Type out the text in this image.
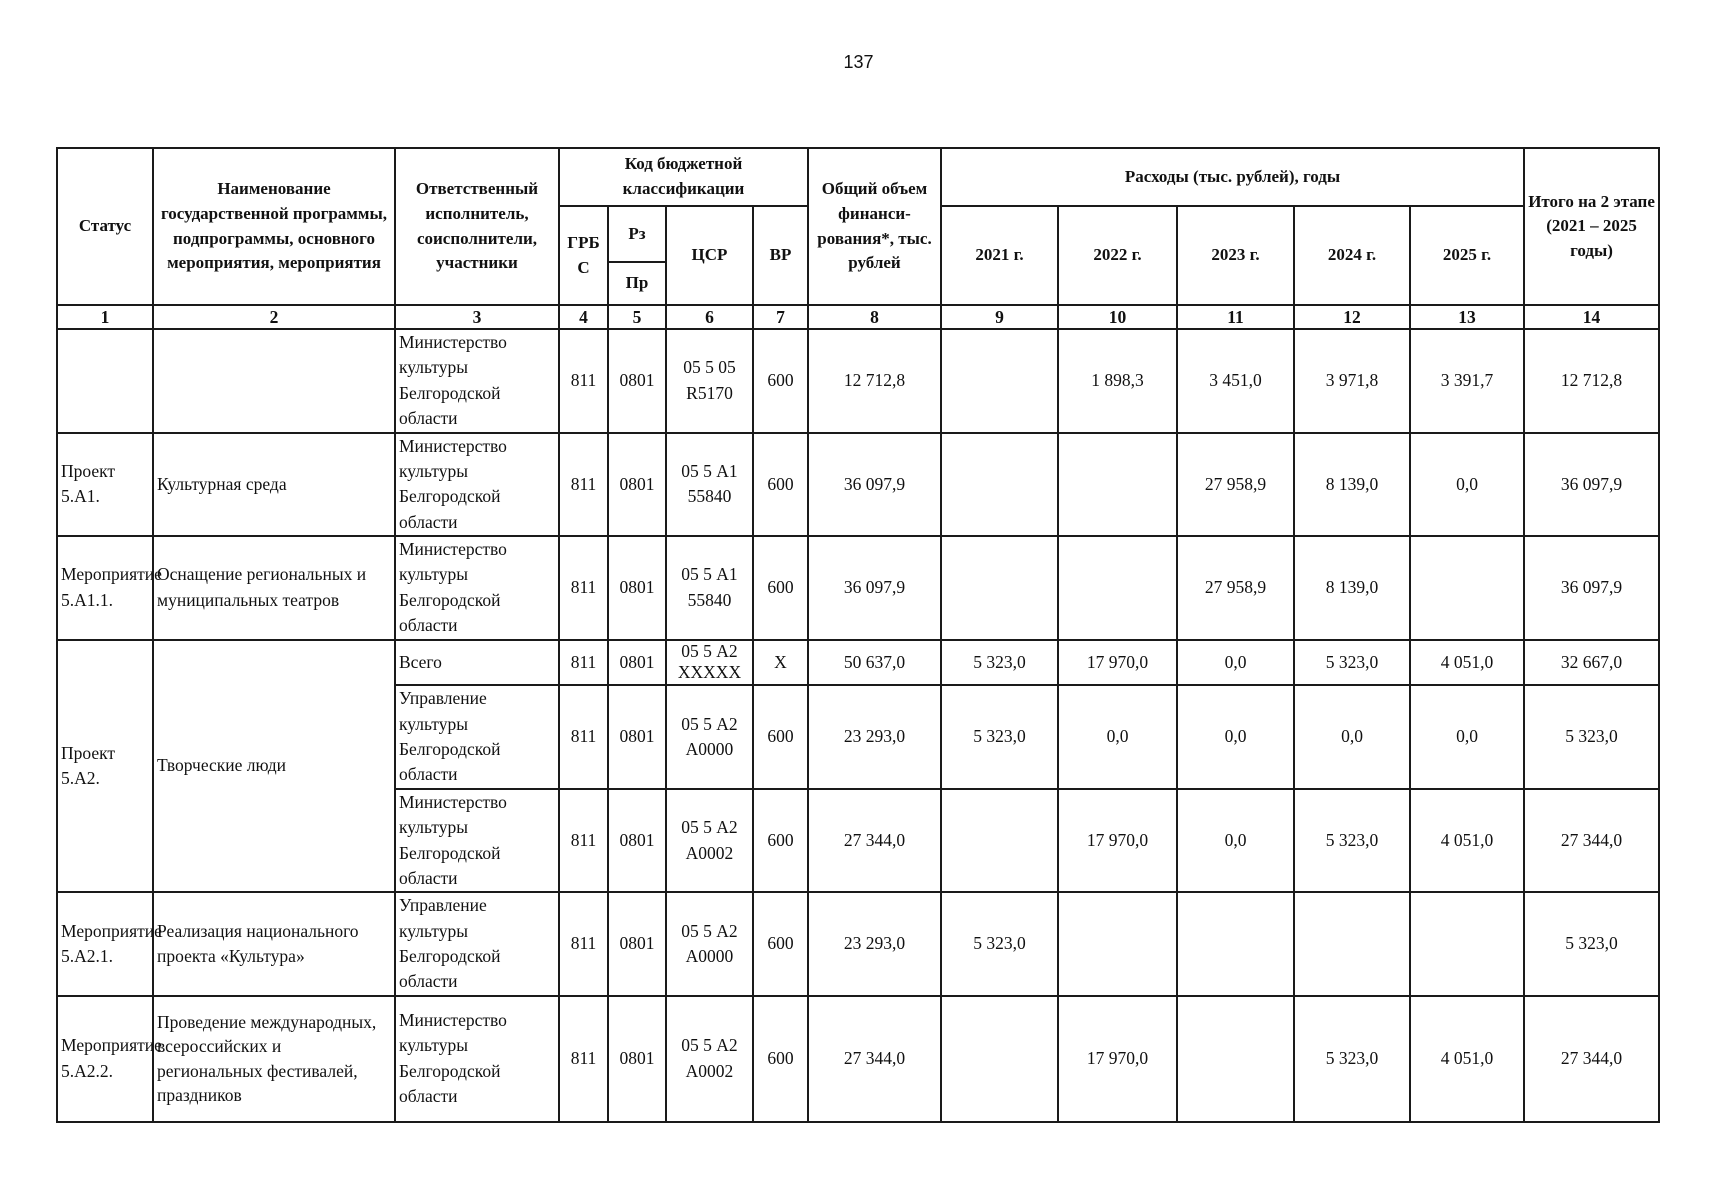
137
Статус	Наименование государственной программы, подпрограммы, основного мероприятия, мероприятия	Ответственный исполнитель, соисполнители, участники	Код бюджетной классификации				Общий объем финанси- рования*, тыс. рублей	Расходы (тыс. рублей), годы					Итого на 2 этапе (2021 – 2025 годы)
			ГРБ С	Рз	ЦСР	ВР		2021 г.	2022 г.	2023 г.	2024 г.	2025 г.	
				Пр									
1	2	3	4	5	6	7	8	9	10	11	12	13	14
		Министерство культуры Белгородской области	811	0801	05 5 05 R5170	600	12 712,8		1 898,3	3 451,0	3 971,8	3 391,7	12 712,8
Проект 5.А1.	Культурная среда	Министерство культуры Белгородской области	811	0801	05 5 А1 55840	600	36 097,9			27 958,9	8 139,0	0,0	36 097,9
Мероприятие 5.А1.1.	Оснащение региональных и муниципальных театров	Министерство культуры Белгородской области	811	0801	05 5 А1 55840	600	36 097,9			27 958,9	8 139,0		36 097,9
Проект 5.А2.	Творческие люди	Всего	811	0801	05 5 А2 XXXXX	X	50 637,0	5 323,0	17 970,0	0,0	5 323,0	4 051,0	32 667,0
		Управление культуры Белгородской области	811	0801	05 5 А2 А0000	600	23 293,0	5 323,0	0,0	0,0	0,0	0,0	5 323,0
		Министерство культуры Белгородской области	811	0801	05 5 А2 А0002	600	27 344,0		17 970,0	0,0	5 323,0	4 051,0	27 344,0
Мероприятие 5.А2.1.	Реализация национального проекта «Культура»	Управление культуры Белгородской области	811	0801	05 5 А2 А0000	600	23 293,0	5 323,0					5 323,0
Мероприятие 5.А2.2.	Проведение международных, всероссийских и региональных фестивалей, праздников	Министерство культуры Белгородской области	811	0801	05 5 А2 А0002	600	27 344,0		17 970,0		5 323,0	4 051,0	27 344,0
